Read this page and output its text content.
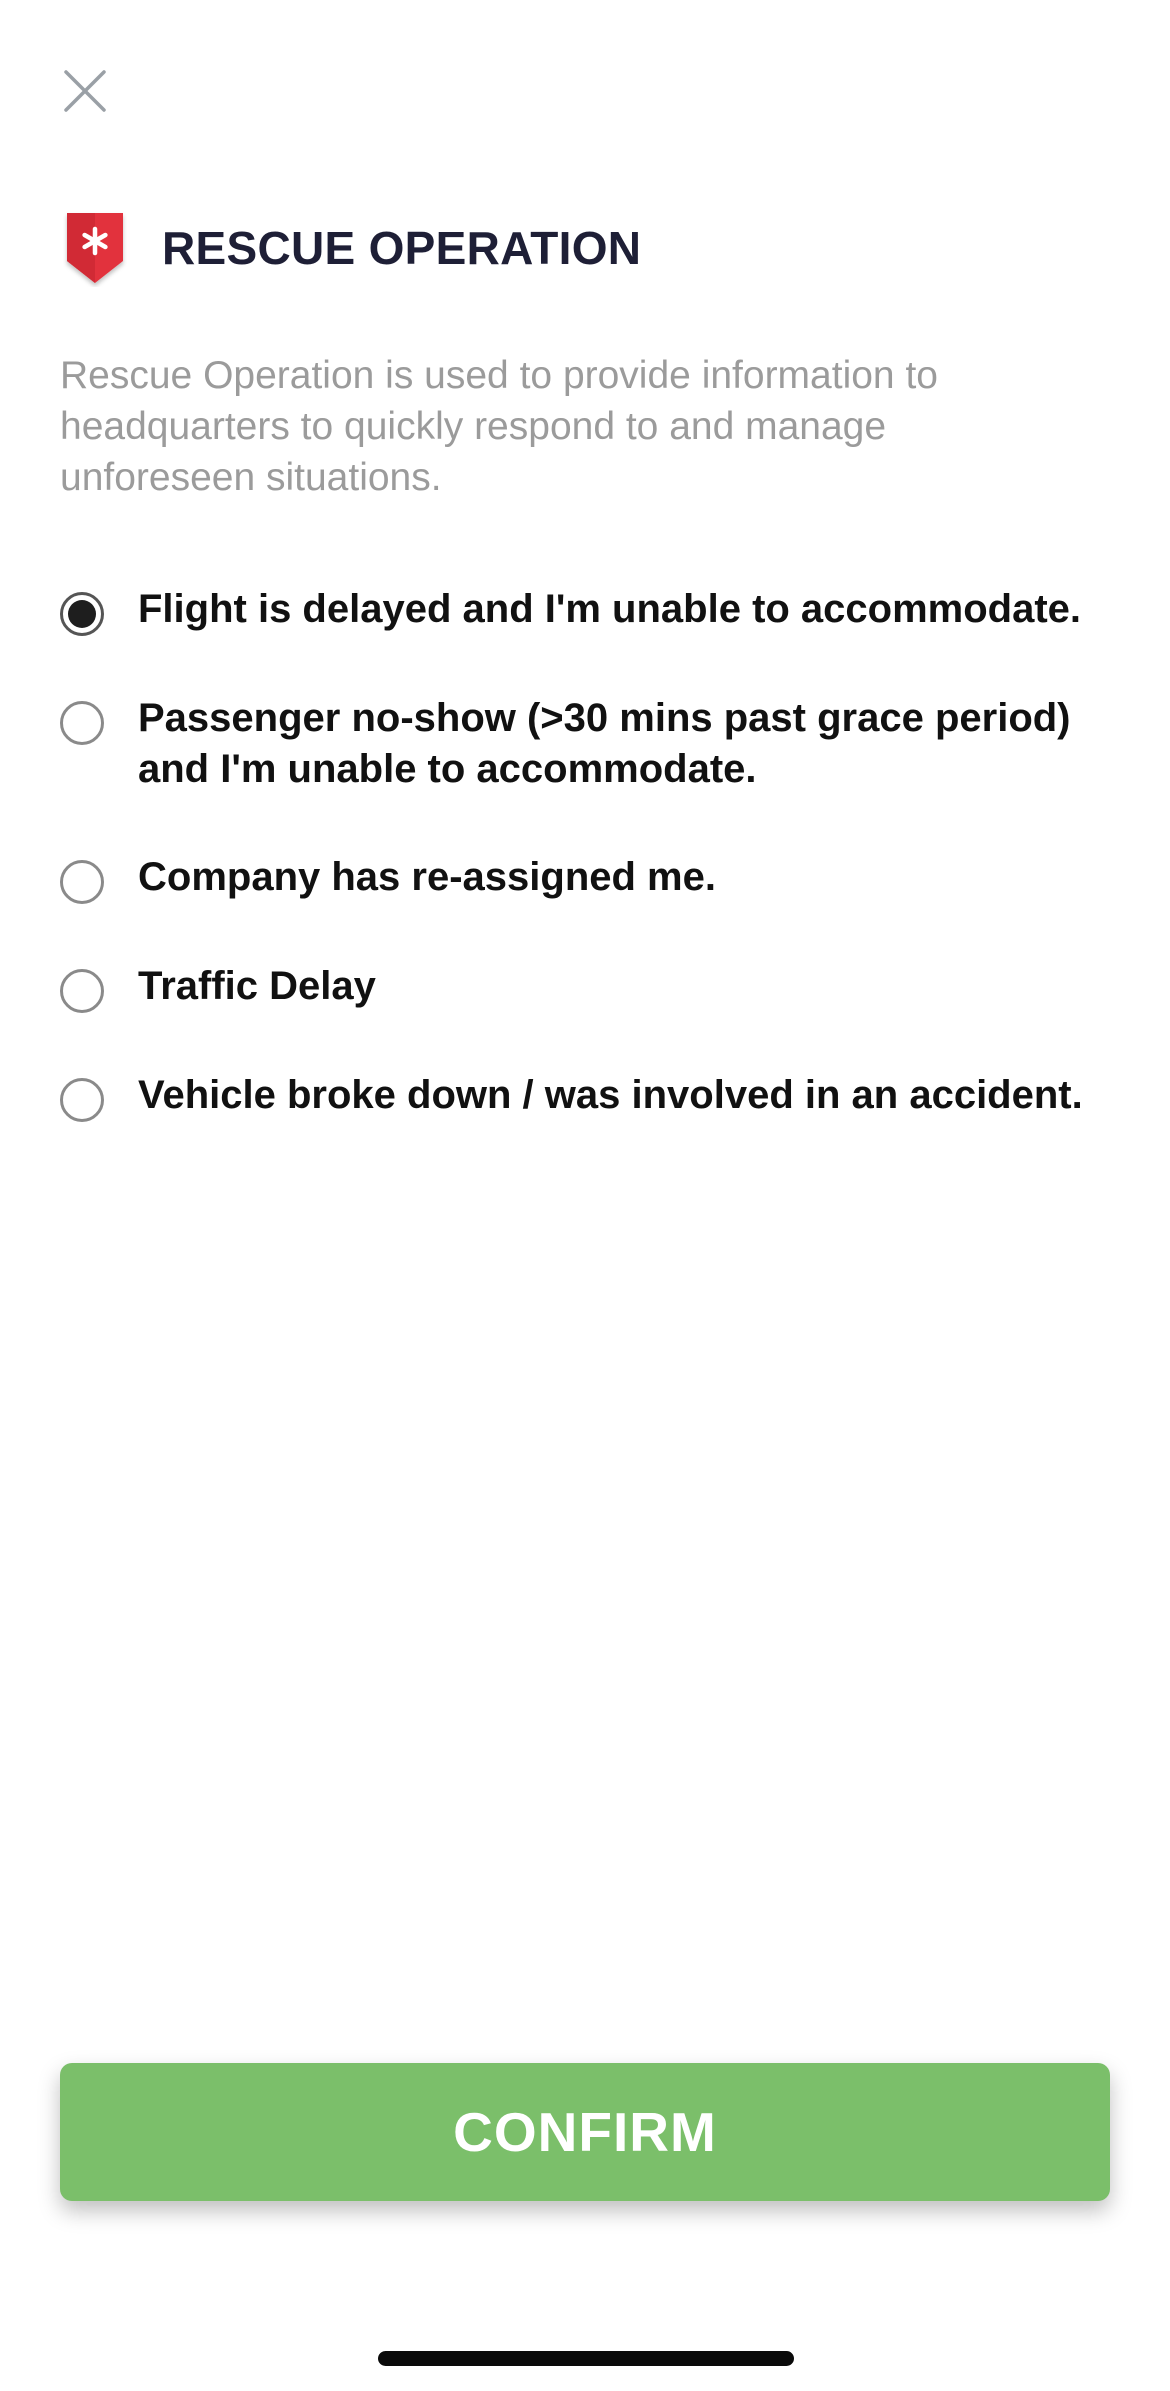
RESCUE OPERATION
Rescue Operation is used to provide information to headquarters to quickly respond to and manage unforeseen situations.
Flight is delayed and I'm unable to accommodate.
Passenger no-show (>30 mins past grace period) and I'm unable to accommodate.
Company has re-assigned me.
Traffic Delay
Vehicle broke down / was involved in an accident.
CONFIRM
